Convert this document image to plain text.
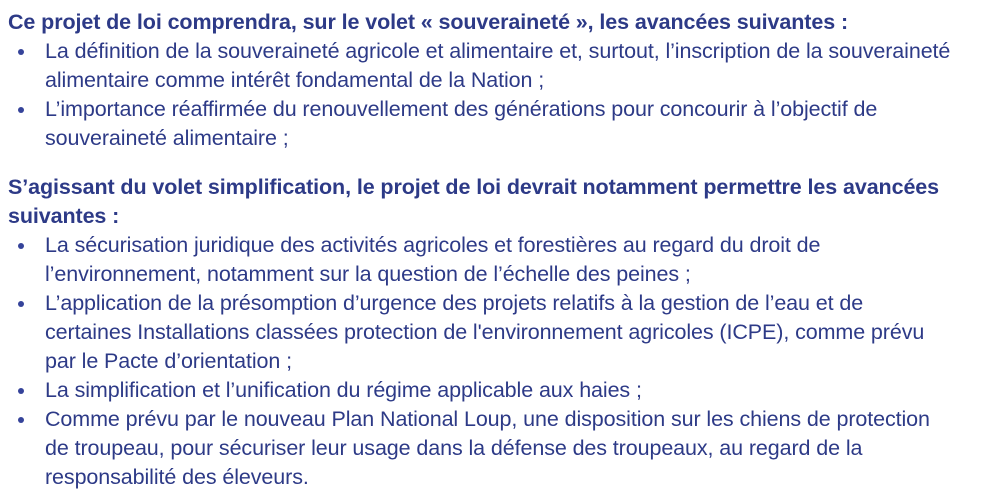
Ce projet de loi comprendra, sur le volet « souveraineté », les avancées suivantes :

La définition de la souveraineté agricole et alimentaire et, surtout, l’inscription de la souveraineté alimentaire comme intérêt fondamental de la Nation ;
L’importance réaffirmée du renouvellement des générations pour concourir à l’objectif de souveraineté alimentaire ;

S’agissant du volet simplification, le projet de loi devrait notamment permettre les avancées suivantes :

La sécurisation juridique des activités agricoles et forestières au regard du droit de l’environnement, notamment sur la question de l’échelle des peines ;
L’application de la présomption d’urgence des projets relatifs à la gestion de l’eau et de certaines Installations classées protection de l'environnement agricoles (ICPE), comme prévu par le Pacte d’orientation ;
La simplification et l’unification du régime applicable aux haies ;
Comme prévu par le nouveau Plan National Loup, une disposition sur les chiens de protection de troupeau, pour sécuriser leur usage dans la défense des troupeaux, au regard de la responsabilité des éleveurs.
